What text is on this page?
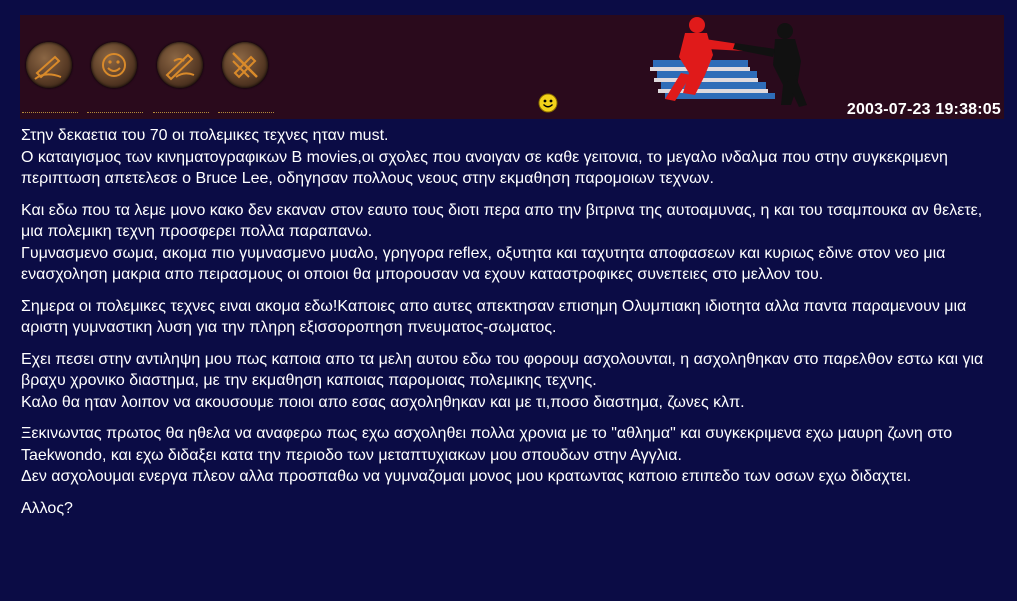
2003-07-23 19:38:05

Στην δεκαετια του 70 οι πολεμικες τεχνες ηταν must.
Ο καταιγισμος των κινηματογραφικων B movies,οι σχολες που ανοιγαν σε καθε γειτονια, το μεγαλο ινδαλμα που στην συγκεκριμενη περιπτωση απετελεσε ο Bruce Lee, οδηγησαν πολλους νεους στην εκμαθηση παρομοιων τεχνων.

Και εδω που τα λεμε μονο κακο δεν εκαναν στον εαυτο τους διοτι περα απο την βιτρινα της αυτοαμυνας, η και του τσαμπουκα αν θελετε, μια πολεμικη τεχνη προσφερει πολλα παραπανω.
Γυμνασμενο σωμα, ακομα πιο γυμνασμενο μυαλο, γρηγορα reflex, οξυτητα και ταχυτητα αποφασεων και κυριως εδινε στον νεο μια ενασχοληση μακρια απο πειρασμους οι οποιοι θα μπορουσαν να εχουν καταστροφικες συνεπειες στο μελλον του.

Σημερα οι πολεμικες τεχνες ειναι ακομα εδω!Καποιες απο αυτες απεκτησαν επισημη Ολυμπιακη ιδιοτητα αλλα παντα παραμενουν μια αριστη γυμναστικη λυση για την πληρη εξισσοροπηση πνευματος-σωματος.

Εχει πεσει στην αντιληψη μου πως καποια απο τα μελη αυτου εδω του φορουμ ασχολουνται, η ασχοληθηκαν στο παρελθον εστω και για βραχυ χρονικο διαστημα, με την εκμαθηση καποιας παρομοιας πολεμικης τεχνης.
Καλο θα ηταν λοιπον να ακουσουμε ποιοι απο εσας ασχοληθηκαν και με τι,ποσο διαστημα, ζωνες κλπ.

Ξεκινωντας πρωτος θα ηθελα να αναφερω πως εχω ασχοληθει πολλα χρονια με το "αθλημα" και συγκεκριμενα εχω μαυρη ζωνη στο Taekwondo, και εχω διδαξει κατα την περιοδο των μεταπτυχιακων μου σπουδων στην Αγγλια.
Δεν ασχολουμαι ενεργα πλεον αλλα προσπαθω να γυμναζομαι μονος μου κρατωντας καποιο επιπεδο των οσων εχω διδαχτει.

Αλλος?
